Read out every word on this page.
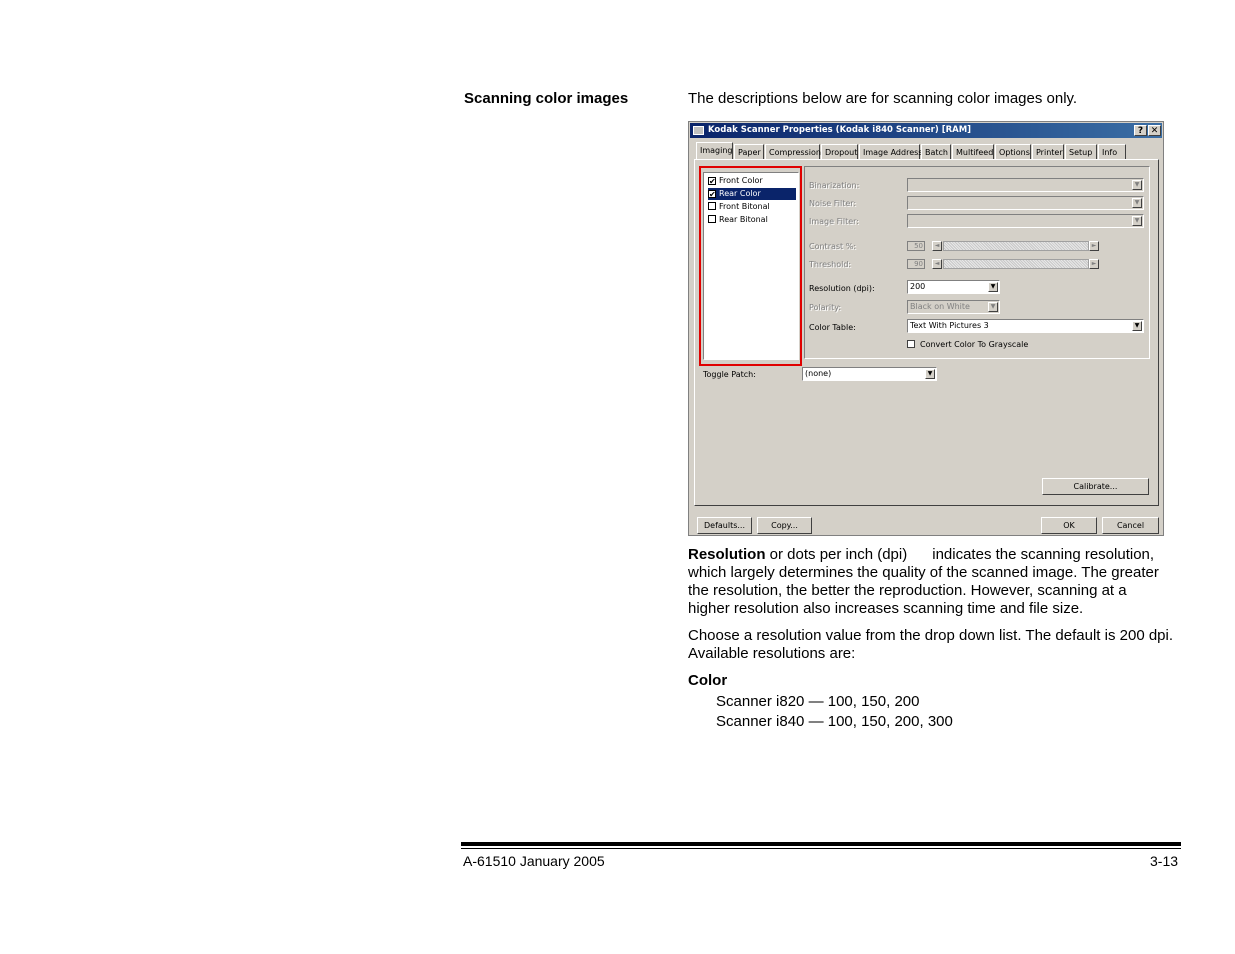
Scanning color images	The descriptions below are for scanning color images only.
Kodak Scanner Properties (Kodak i840 Scanner) [RAM]	? ✕
Imaging Paper	Compression Dropout Image Address Batch	Multifeed Options Printer Setup	Info
✔ Front Color
✔ Rear Color
Front Bitonal
Rear Bitonal
Binarization:	▼
Noise Filter:	▼
Image Filter:	▼
Contrast %:	50	◄	►
Threshold:	90	◄	►
Resolution (dpi):	200	▼
Polarity:	Black on White	▼
Color Table:	Text With Pictures 3	▼
Convert Color To Grayscale
Toggle Patch:	(none)	▼
Calibrate...
Defaults...	Copy...	OK	Cancel
Resolution or dots per inch (dpi)      indicates the scanning resolution,
which largely determines the quality of the scanned image. The greater
the resolution, the better the reproduction. However, scanning at a
higher resolution also increases scanning time and file size.
Choose a resolution value from the drop down list. The default is 200 dpi.
Available resolutions are:
Color
Scanner i820 — 100, 150, 200
Scanner i840 — 100, 150, 200, 300
A-61510 January 2005	3-13
